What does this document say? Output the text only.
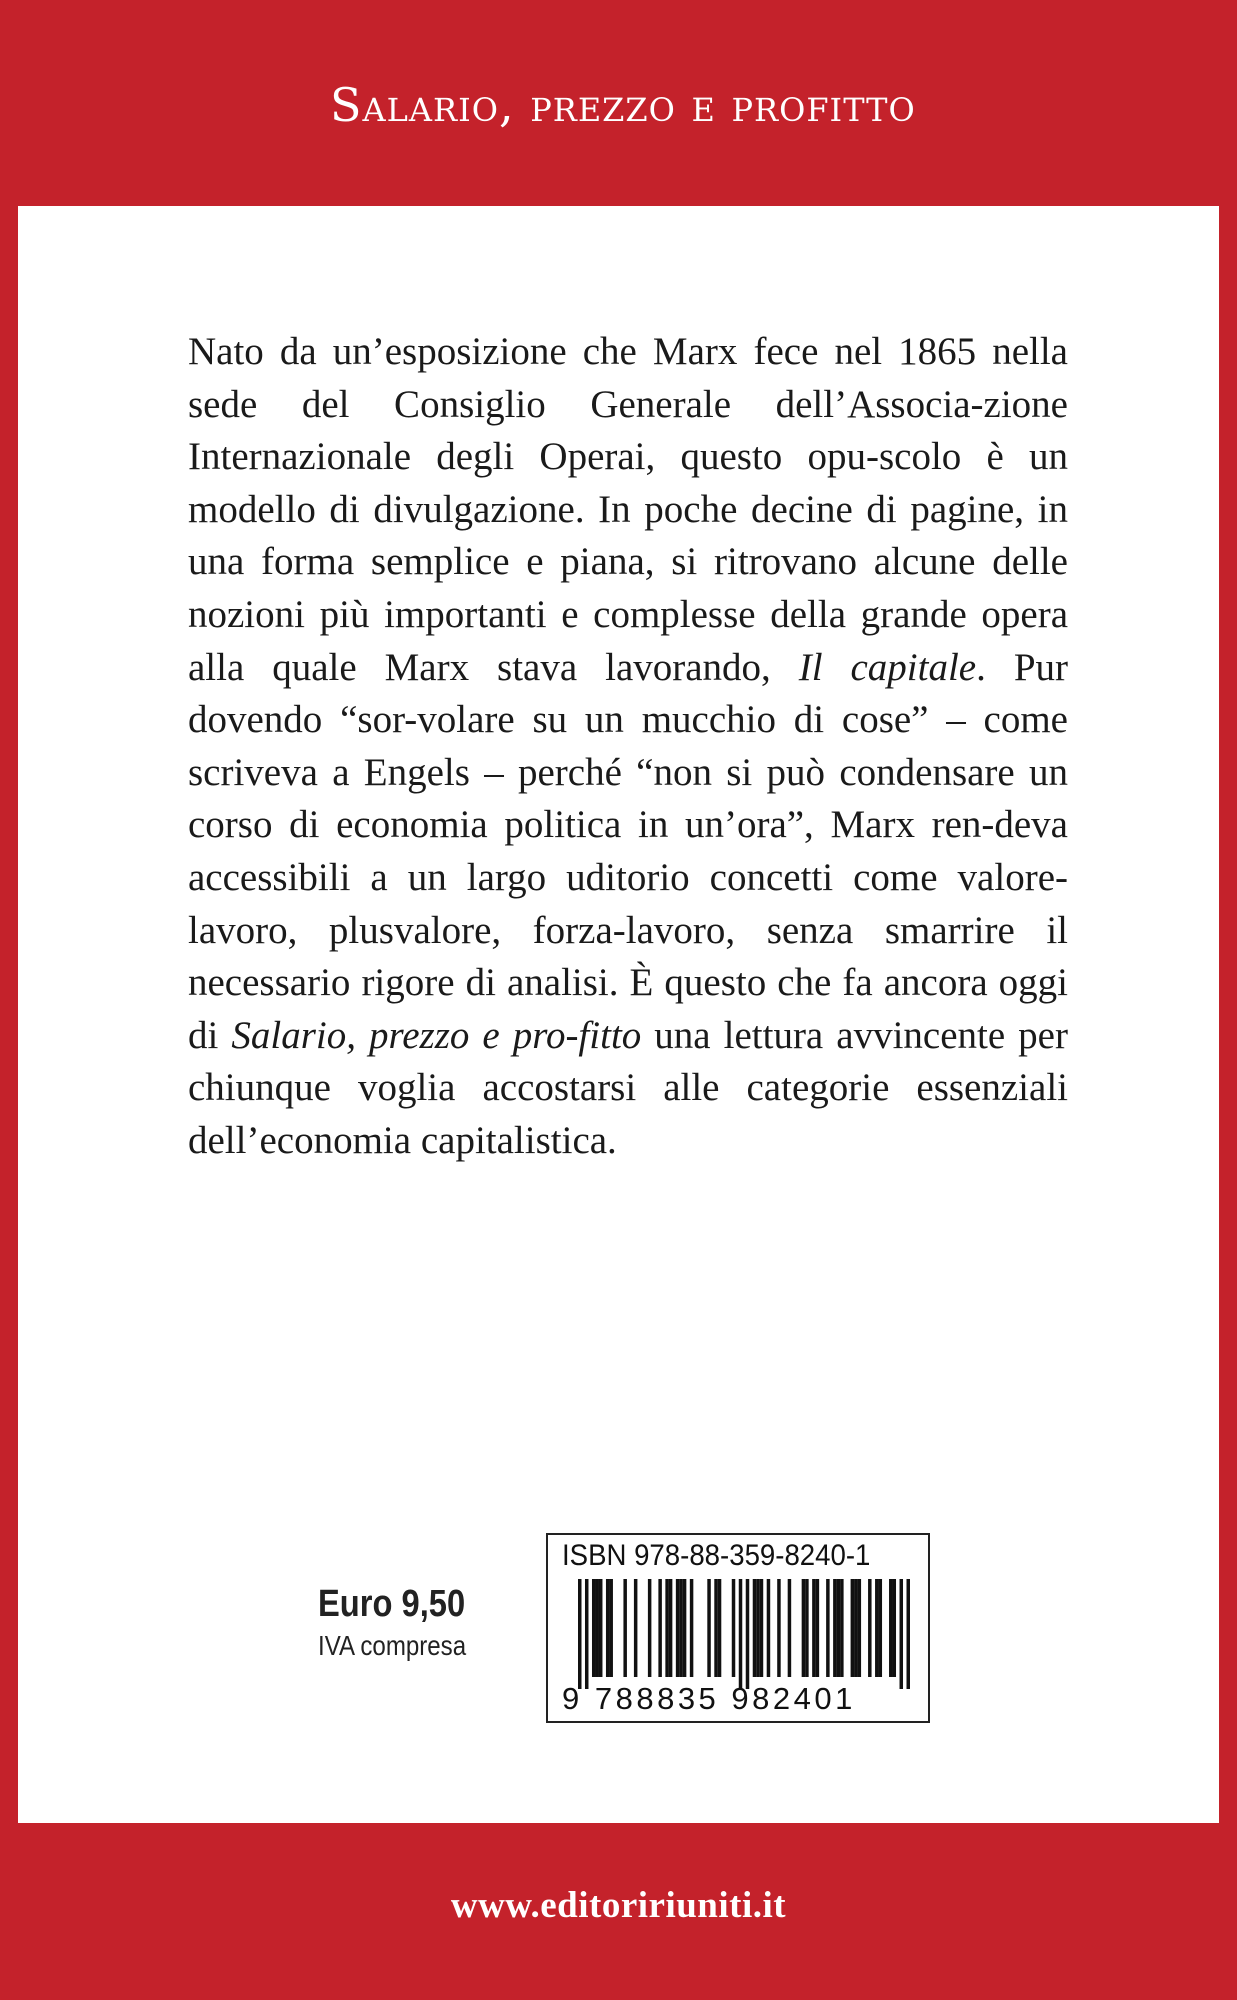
Salario, prezzo e profitto

Nato da un’esposizione che Marx fece nel 1865 nella sede del Consiglio Generale dell’Associa-zione Internazionale degli Operai, questo opu-scolo è un modello di divulgazione. In poche decine di pagine, in una forma semplice e piana, si ritrovano alcune delle nozioni più importanti e complesse della grande opera alla quale Marx stava lavorando, Il capitale. Pur dovendo “sor-volare su un mucchio di cose” – come scriveva a Engels – perché “non si può condensare un corso di economia politica in un’ora”, Marx ren-deva accessibili a un largo uditorio concetti come valore-lavoro, plusvalore, forza-lavoro, senza smarrire il necessario rigore di analisi. È questo che fa ancora oggi di Salario, prezzo e pro-fitto una lettura avvincente per chiunque voglia accostarsi alle categorie essenziali dell’economia capitalistica.

Euro 9,50
IVA compresa
ISBN 978-88-359-8240-1
9 788835 982401
www.editoririuniti.it
